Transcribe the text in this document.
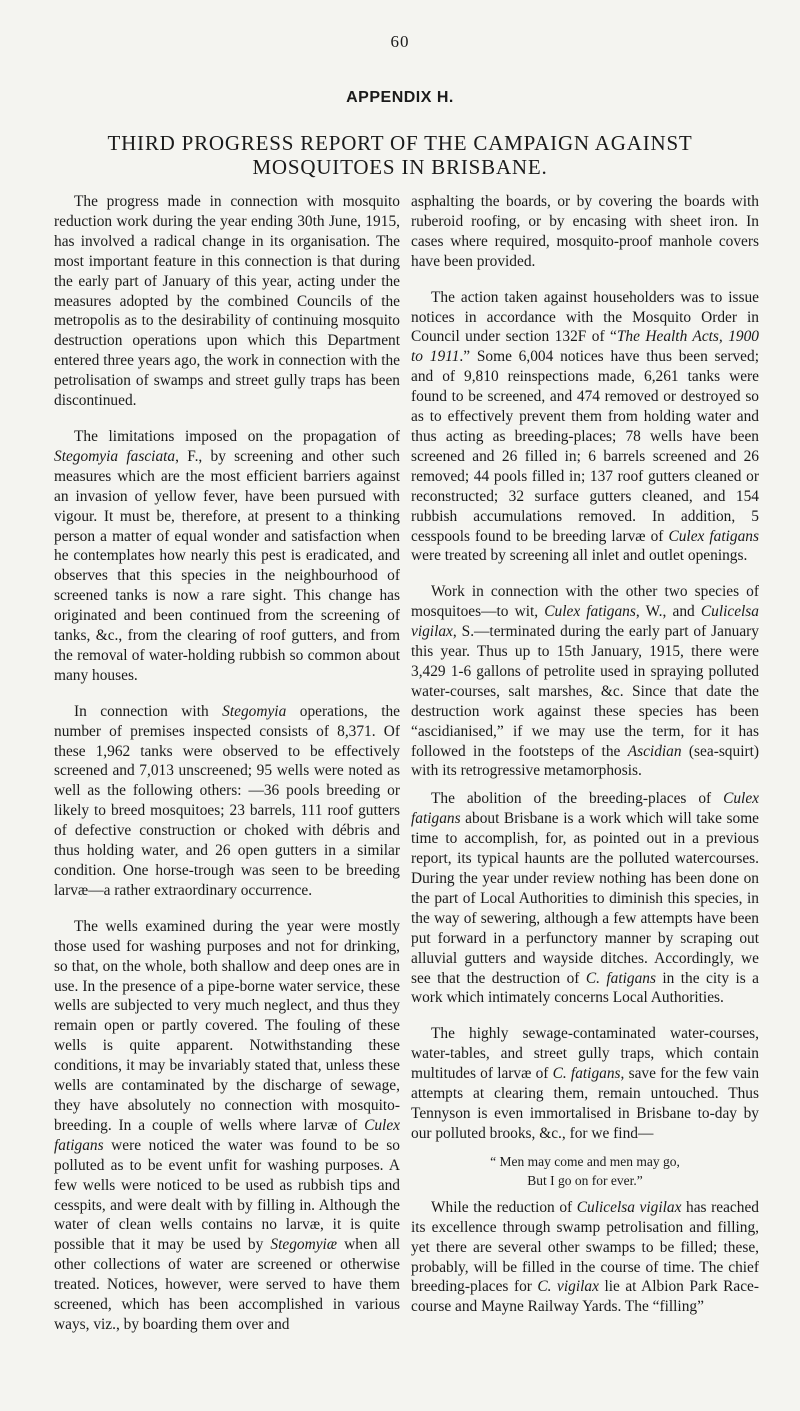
60
APPENDIX H.
THIRD PROGRESS REPORT OF THE CAMPAIGN AGAINST
MOSQUITOES IN BRISBANE.

The progress made in connection with mosquito reduction work during the year ending 30th June, 1915, has involved a radical change in its organisation. The most important feature in this connection is that during the early part of January of this year, acting under the measures adopted by the combined Councils of the metropolis as to the desirability of continuing mosquito destruction operations upon which this Department entered three years ago, the work in connection with the petrolisation of swamps and street gully traps has been discontinued.

The limitations imposed on the propagation of Stegomyia fasciata, F., by screening and other such measures which are the most efficient barriers against an invasion of yellow fever, have been pursued with vigour. It must be, therefore, at present to a thinking person a matter of equal wonder and satisfaction when he contemplates how nearly this pest is eradicated, and observes that this species in the neighbourhood of screened tanks is now a rare sight. This change has originated and been continued from the screening of tanks, &c., from the clearing of roof gutters, and from the removal of water-holding rubbish so common about many houses.

In connection with Stegomyia operations, the number of premises inspected consists of 8,371. Of these 1,962 tanks were observed to be effectively screened and 7,013 unscreened; 95 wells were noted as well as the following others: —36 pools breeding or likely to breed mosquitoes; 23 barrels, 111 roof gutters of defective construction or choked with débris and thus holding water, and 26 open gutters in a similar condition. One horse-trough was seen to be breeding larvæ—a rather extraordinary occurrence.

The wells examined during the year were mostly those used for washing purposes and not for drinking, so that, on the whole, both shallow and deep ones are in use. In the presence of a pipe-borne water service, these wells are subjected to very much neglect, and thus they remain open or partly covered. The fouling of these wells is quite apparent. Notwithstanding these conditions, it may be invariably stated that, unless these wells are contaminated by the discharge of sewage, they have absolutely no connection with mosquito-breeding. In a couple of wells where larvæ of Culex fatigans were noticed the water was found to be so polluted as to be event unfit for washing purposes. A few wells were noticed to be used as rubbish tips and cesspits, and were dealt with by filling in. Although the water of clean wells contains no larvæ, it is quite possible that it may be used by Stegomyiæ when all other collections of water are screened or otherwise treated. Notices, however, were served to have them screened, which has been accomplished in various ways, viz., by boarding them over and

asphalting the boards, or by covering the boards with ruberoid roofing, or by encasing with sheet iron. In cases where required, mosquito-proof manhole covers have been provided.

The action taken against householders was to issue notices in accordance with the Mosquito Order in Council under section 132F of “The Health Acts, 1900 to 1911.” Some 6,004 notices have thus been served; and of 9,810 reinspections made, 6,261 tanks were found to be screened, and 474 removed or destroyed so as to effectively prevent them from holding water and thus acting as breeding-places; 78 wells have been screened and 26 filled in; 6 barrels screened and 26 removed; 44 pools filled in; 137 roof gutters cleaned or reconstructed; 32 surface gutters cleaned, and 154 rubbish accumulations removed. In addition, 5 cesspools found to be breeding larvæ of Culex fatigans were treated by screening all inlet and outlet openings.

Work in connection with the other two species of mosquitoes—to wit, Culex fatigans, W., and Culicelsa vigilax, S.—terminated during the early part of January this year. Thus up to 15th January, 1915, there were 3,429 1-6 gallons of petrolite used in spraying polluted water-courses, salt marshes, &c. Since that date the destruction work against these species has been “ascidianised,” if we may use the term, for it has followed in the footsteps of the Ascidian (sea-squirt) with its retrogressive metamorphosis.

The abolition of the breeding-places of Culex fatigans about Brisbane is a work which will take some time to accomplish, for, as pointed out in a previous report, its typical haunts are the polluted watercourses. During the year under review nothing has been done on the part of Local Authorities to diminish this species, in the way of sewering, although a few attempts have been put forward in a perfunctory manner by scraping out alluvial gutters and wayside ditches. Accordingly, we see that the destruction of C. fatigans in the city is a work which intimately concerns Local Authorities.

The highly sewage-contaminated water-courses, water-tables, and street gully traps, which contain multitudes of larvæ of C. fatigans, save for the few vain attempts at clearing them, remain untouched. Thus Tennyson is even immortalised in Brisbane to-day by our polluted brooks, &c., for we find—

“ Men may come and men may go,
But I go on for ever.”

While the reduction of Culicelsa vigilax has reached its excellence through swamp petrolisation and filling, yet there are several other swamps to be filled; these, probably, will be filled in the course of time. The chief breeding-places for C. vigilax lie at Albion Park Race-course and Mayne Railway Yards. The “filling”
